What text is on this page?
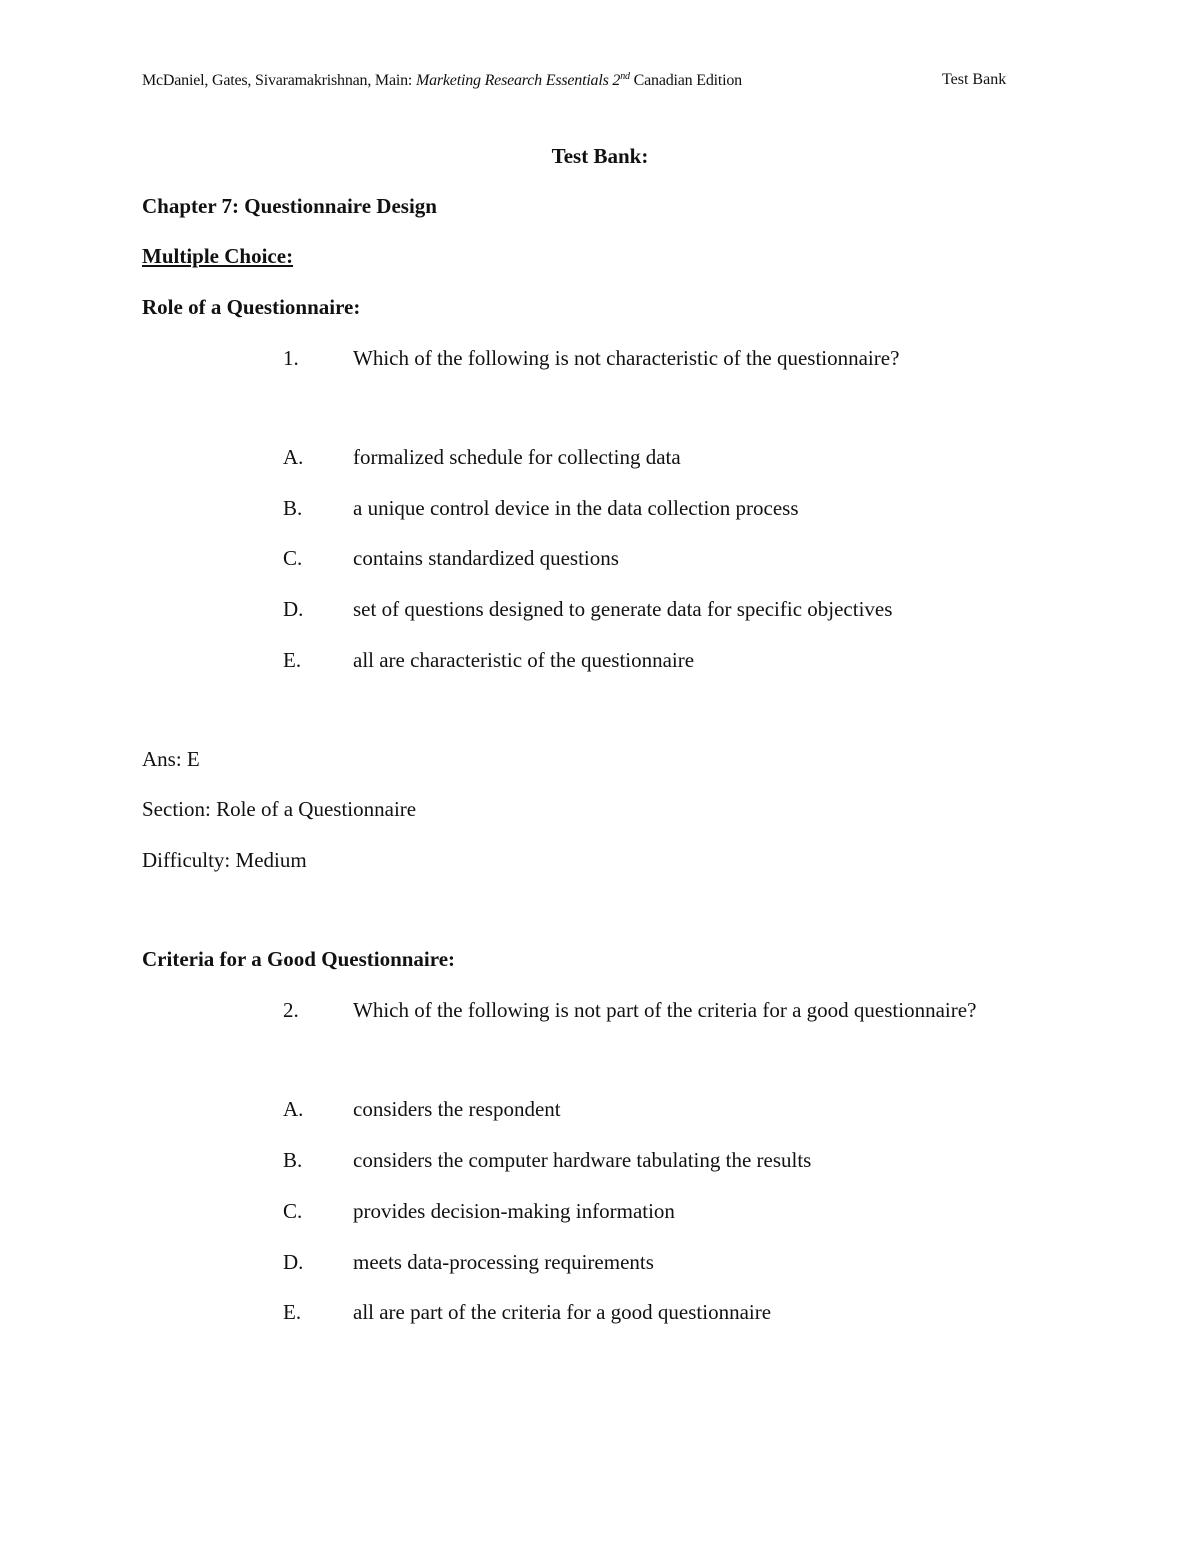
McDaniel, Gates, Sivaramakrishnan, Main: Marketing Research Essentials 2nd Canadian Edition	Test Bank
Test Bank:
Chapter 7: Questionnaire Design
Multiple Choice:
Role of a Questionnaire:
1.	Which of the following is not characteristic of the questionnaire?
A. formalized schedule for collecting data
B. a unique control device in the data collection process
C. contains standardized questions
D. set of questions designed to generate data for specific objectives
E. all are characteristic of the questionnaire
Ans: E
Section: Role of a Questionnaire
Difficulty: Medium
Criteria for a Good Questionnaire:
2.	Which of the following is not part of the criteria for a good questionnaire?
A. considers the respondent
B. considers the computer hardware tabulating the results
C. provides decision-making information
D. meets data-processing requirements
E. all are part of the criteria for a good questionnaire
